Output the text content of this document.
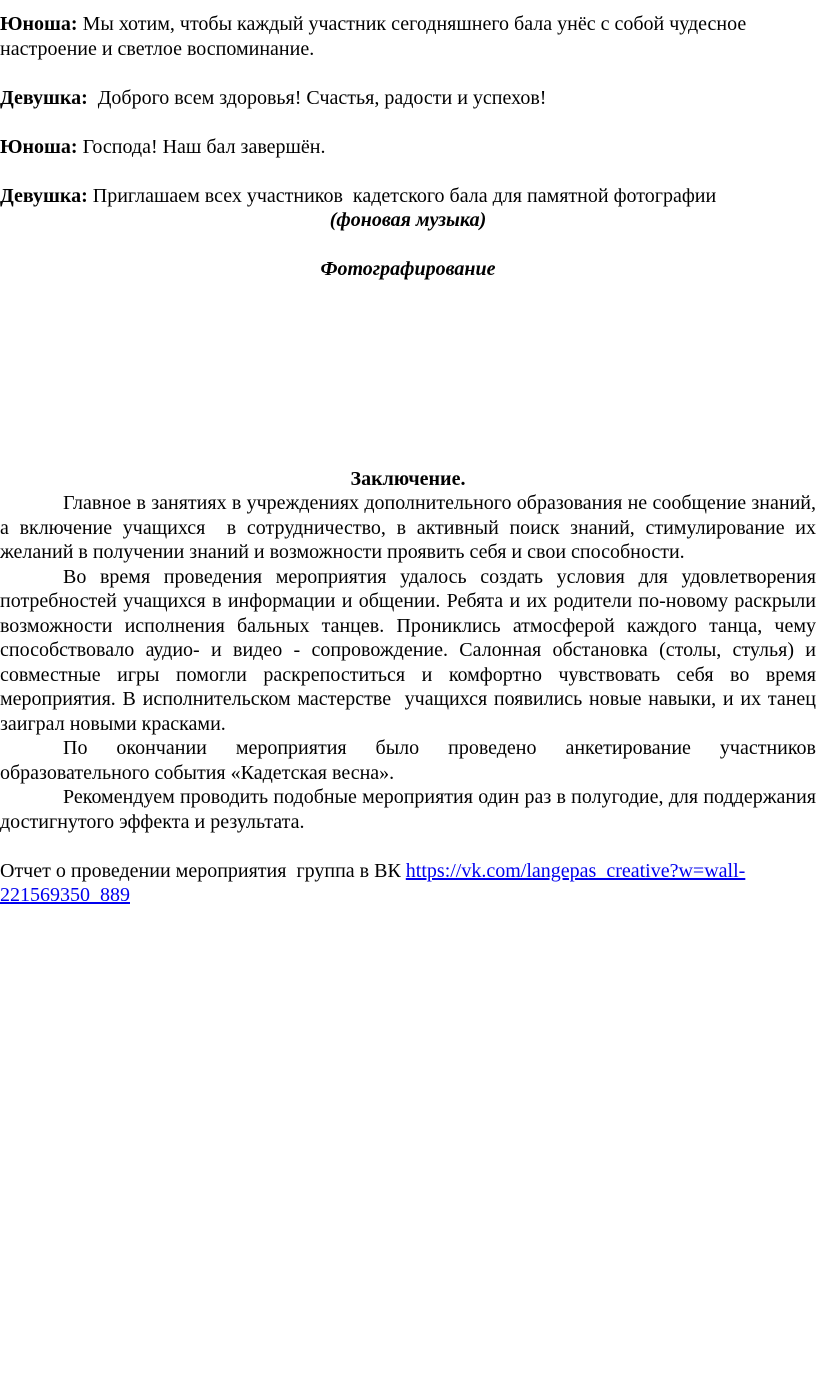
Юноша: Мы хотим, чтобы каждый участник сегодняшнего бала унёс с собой чудесное настроение и светлое воспоминание.

Девушка:  Доброго всем здоровья! Счастья, радости и успехов!

Юноша: Господа! Наш бал завершён.

Девушка: Приглашаем всех участников  кадетского бала для памятной фотографии

(фоновая музыка)

Фотографирование

Заключение.

Главное в занятиях в учреждениях дополнительного образования не сообщение знаний, а включение учащихся  в сотрудничество, в активный поиск знаний, стимулирование их желаний в получении знаний и возможности проявить себя и свои способности.

Во время проведения мероприятия удалось создать условия для удовлетворения потребностей учащихся в информации и общении. Ребята и их родители по-новому раскрыли возможности исполнения бальных танцев. Прониклись атмосферой каждого танца, чему способствовало аудио- и видео - сопровождение. Салонная обстановка (столы, стулья) и совместные игры помогли раскрепоститься и комфортно чувствовать себя во время мероприятия. В исполнительском мастерстве  учащихся появились новые навыки, и их танец заиграл новыми красками.

По окончании мероприятия было проведено анкетирование участников образовательного события «Кадетская весна».

Рекомендуем проводить подобные мероприятия один раз в полугодие, для поддержания достигнутого эффекта и результата.

Отчет о проведении мероприятия  группа в ВК https://vk.com/langepas_creative?w=wall-221569350_889
